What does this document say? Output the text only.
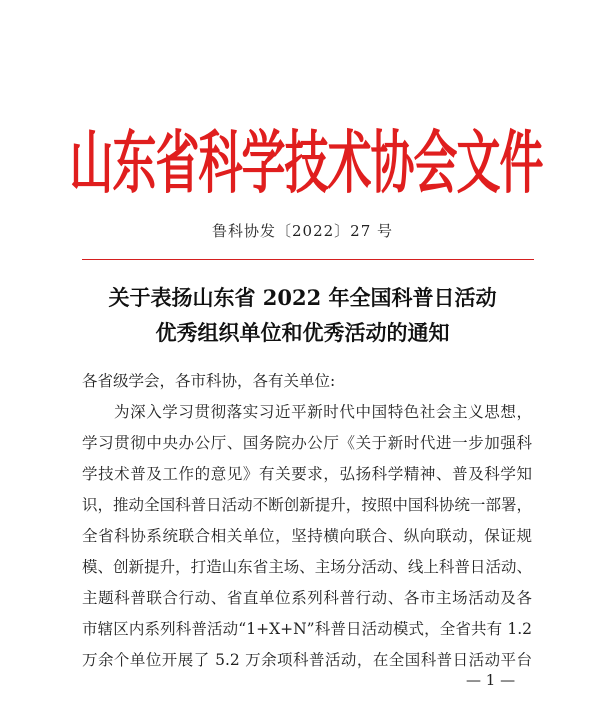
山东省科学技术协会文件
鲁科协发〔2022〕27 号
关于表扬山东省 2022 年全国科普日活动
优秀组织单位和优秀活动的通知
各省级学会，各市科协，各有关单位:
为深入学习贯彻落实习近平新时代中国特色社会主义思想，
学习贯彻中央办公厅、国务院办公厅《关于新时代进一步加强科
学技术普及工作的意见》有关要求，弘扬科学精神、普及科学知
识，推动全国科普日活动不断创新提升，按照中国科协统一部署，
全省科协系统联合相关单位，坚持横向联合、纵向联动，保证规
模、创新提升，打造山东省主场、主场分活动、线上科普日活动、
主题科普联合行动、省直单位系列科普行动、各市主场活动及各
市辖区内系列科普活动“1+X+N”科普日活动模式，全省共有 1.2
万余个单位开展了 5.2 万余项科普活动，在全国科普日活动平台
— 1 —
